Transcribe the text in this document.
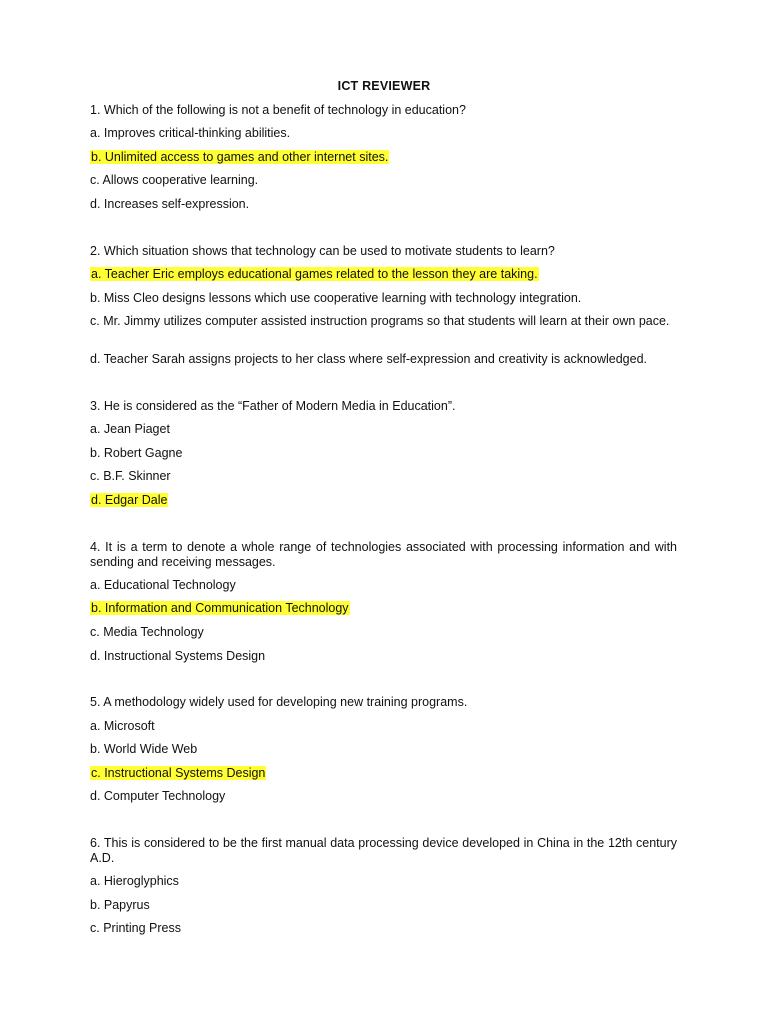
ICT REVIEWER
1. Which of the following is not a benefit of technology in education?
a. Improves critical-thinking abilities.
b. Unlimited access to games and other internet sites.
c. Allows cooperative learning.
d. Increases self-expression.
2. Which situation shows that technology can be used to motivate students to learn?
a. Teacher Eric employs educational games related to the lesson they are taking.
b. Miss Cleo designs lessons which use cooperative learning with technology integration.
c. Mr. Jimmy utilizes computer assisted instruction programs so that students will learn at their own pace.
d. Teacher Sarah assigns projects to her class where self-expression and creativity is acknowledged.
3. He is considered as the “Father of Modern Media in Education”.
a. Jean Piaget
b. Robert Gagne
c. B.F. Skinner
d. Edgar Dale
4. It is a term to denote a whole range of technologies associated with processing information and with sending and receiving messages.
a. Educational Technology
b. Information and Communication Technology
c. Media Technology
d. Instructional Systems Design
5. A methodology widely used for developing new training programs.
a. Microsoft
b. World Wide Web
c. Instructional Systems Design
d. Computer Technology
6. This is considered to be the first manual data processing device developed in China in the 12th century A.D.
a. Hieroglyphics
b. Papyrus
c. Printing Press
